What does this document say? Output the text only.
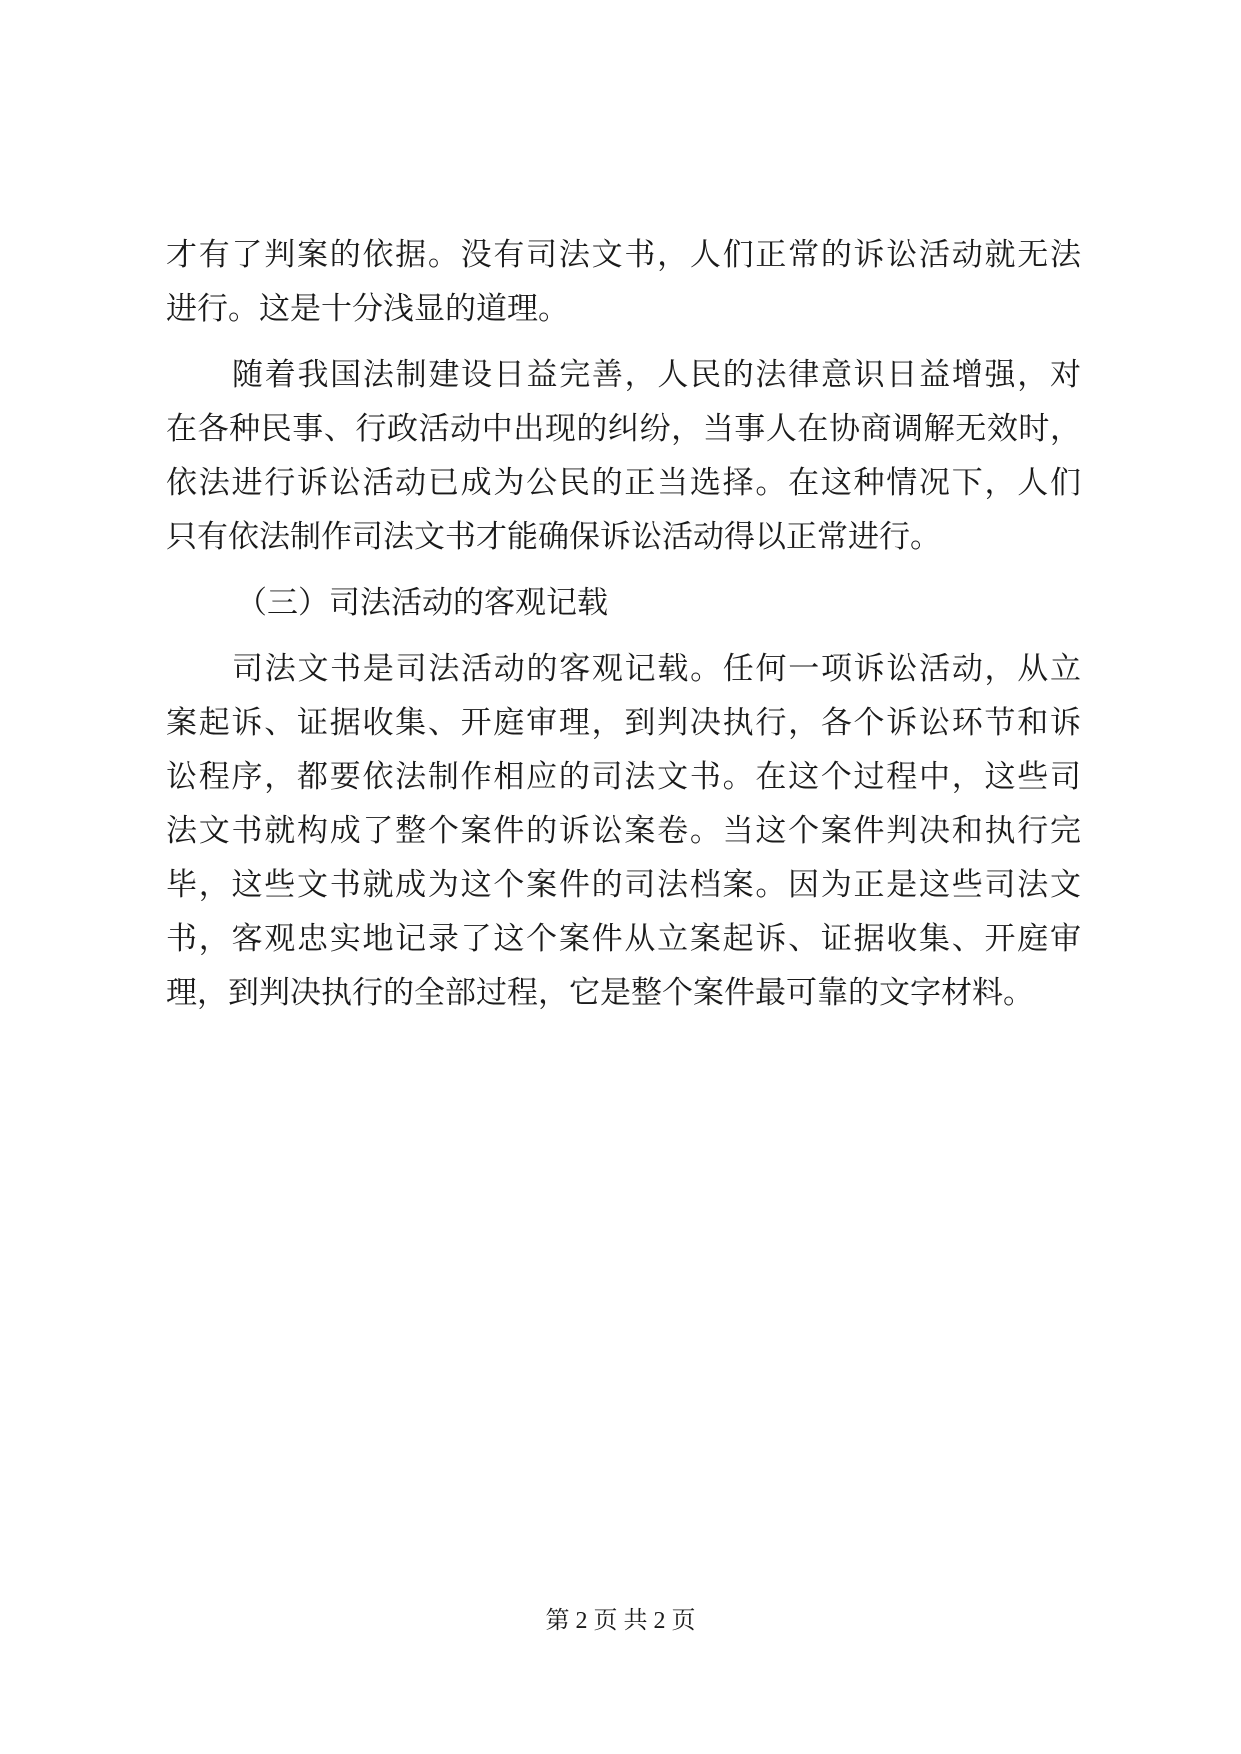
才有了判案的依据。没有司法文书，人们正常的诉讼活动就无法
进行。这是十分浅显的道理。
随着我国法制建设日益完善，人民的法律意识日益增强，对
在各种民事、行政活动中出现的纠纷，当事人在协商调解无效时，
依法进行诉讼活动已成为公民的正当选择。在这种情况下，人们
只有依法制作司法文书才能确保诉讼活动得以正常进行。
（三）司法活动的客观记载
司法文书是司法活动的客观记载。任何一项诉讼活动，从立
案起诉、证据收集、开庭审理，到判决执行，各个诉讼环节和诉
讼程序，都要依法制作相应的司法文书。在这个过程中，这些司
法文书就构成了整个案件的诉讼案卷。当这个案件判决和执行完
毕，这些文书就成为这个案件的司法档案。因为正是这些司法文
书，客观忠实地记录了这个案件从立案起诉、证据收集、开庭审
理，到判决执行的全部过程，它是整个案件最可靠的文字材料。
第 2 页 共 2 页
